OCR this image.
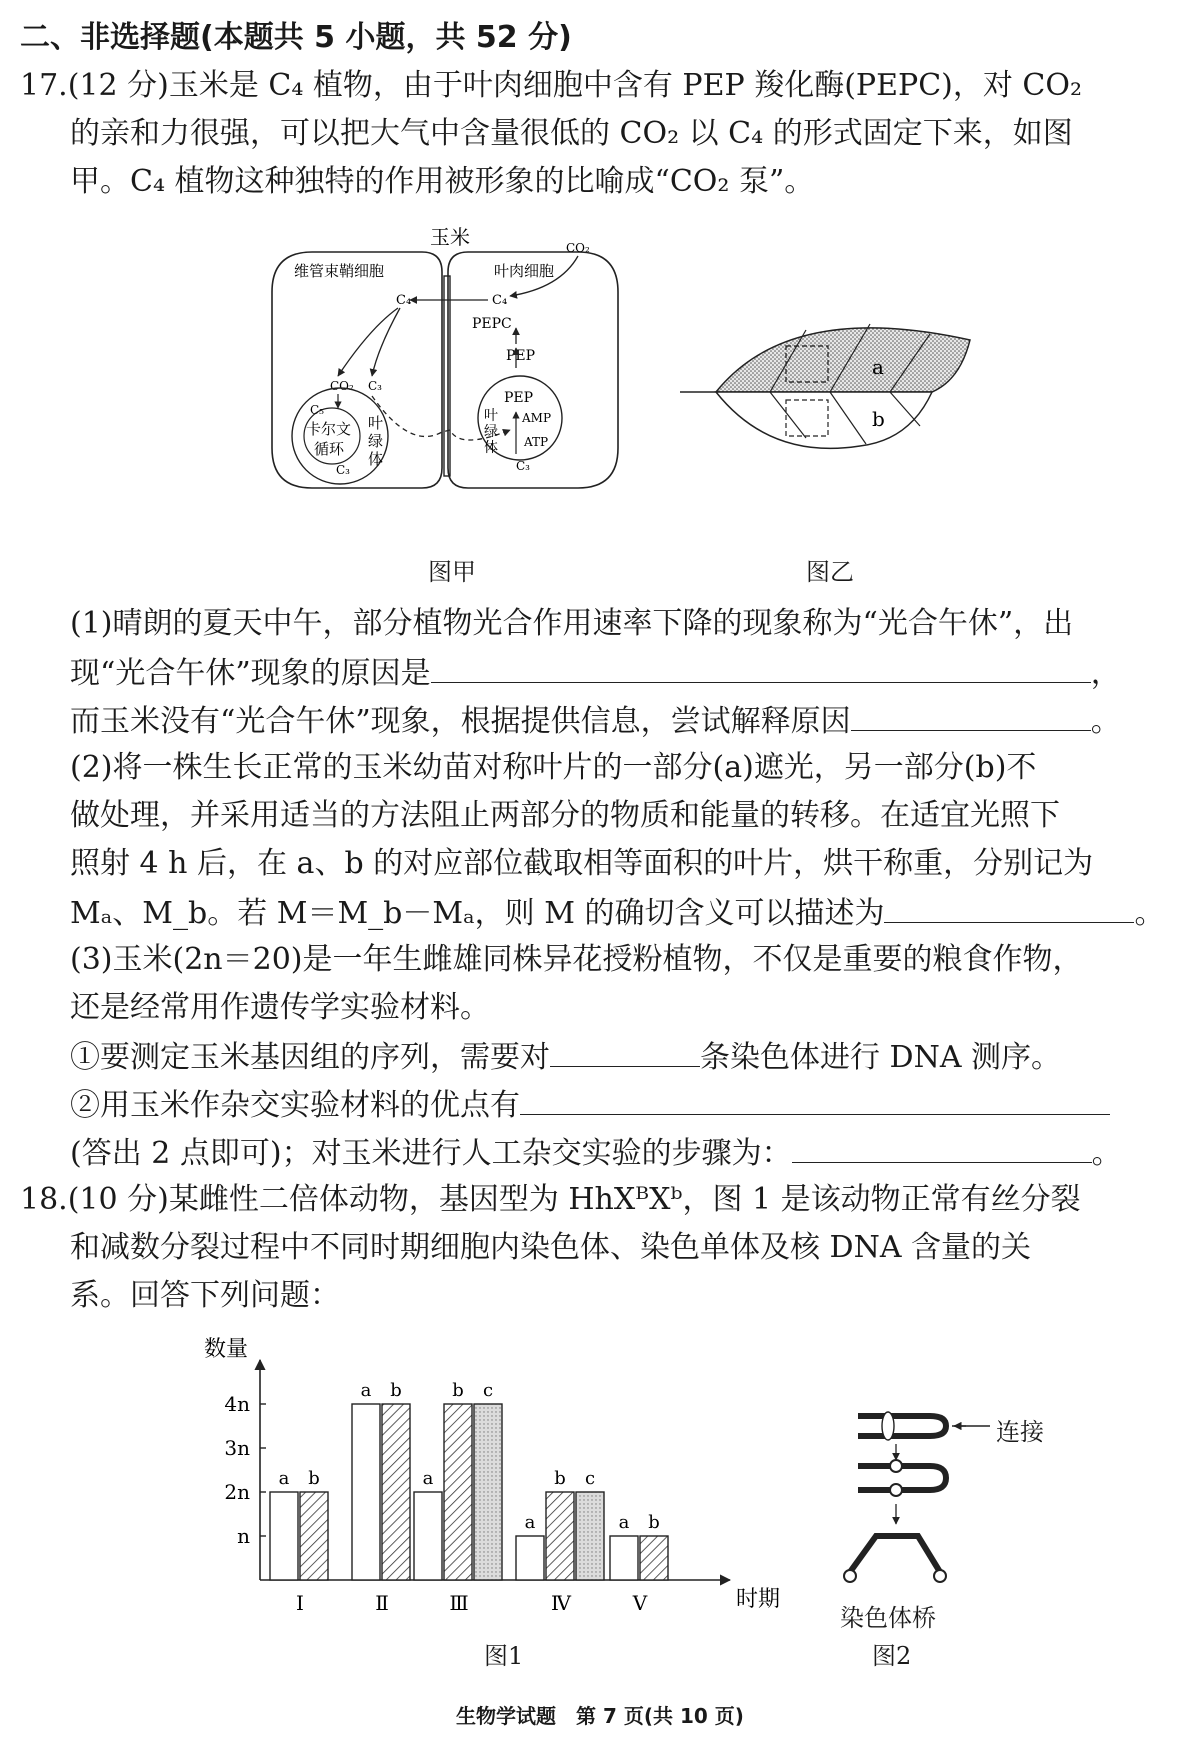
二、非选择题(本题共 5 小题，共 52 分)
17.(12 分)玉米是 C₄ 植物，由于叶肉细胞中含有 PEP 羧化酶(PEPC)，对 CO₂
的亲和力很强，可以把大气中含量很低的 CO₂ 以 C₄ 的形式固定下来，如图
甲。C₄ 植物这种独特的作用被形象的比喻成“CO₂ 泵”。
玉米
维管束鞘细胞	叶肉细胞
CO₂
C₄
C₄
PEPC
PEP
CO₂ C₃
C₅
卡尔文
循环
C₃
叶
绿
体
PEP
叶
绿
体
AMP
ATP
C₃
图甲
a
b
图乙
(1)晴朗的夏天中午，部分植物光合作用速率下降的现象称为“光合午休”，出
现“光合午休”现象的原因是	，
而玉米没有“光合午休”现象，根据提供信息，尝试解释原因	。
(2)将一株生长正常的玉米幼苗对称叶片的一部分(a)遮光，另一部分(b)不
做处理，并采用适当的方法阻止两部分的物质和能量的转移。在适宜光照下
照射 4 h 后，在 a、b 的对应部位截取相等面积的叶片，烘干称重，分别记为
Mₐ、M_b。若 M＝M_b－Mₐ，则 M 的确切含义可以描述为	。
(3)玉米(2n＝20)是一年生雌雄同株异花授粉植物，不仅是重要的粮食作物，
还是经常用作遗传学实验材料。
①要测定玉米基因组的序列，需要对	条染色体进行 DNA 测序。
②用玉米作杂交实验材料的优点有
(答出 2 点即可)；对玉米进行人工杂交实验的步骤为：	。
18.(10 分)某雌性二倍体动物，基因型为 HhXᴮXᵇ，图 1 是该动物正常有丝分裂
和减数分裂过程中不同时期细胞内染色体、染色单体及核 DNA 含量的关
系。回答下列问题：
数量
时期
n
2n
3n
4n
a b
Ⅰ
a b
Ⅱ
a
b c
Ⅲ
a
b c
Ⅳ
a b
Ⅴ
图1
连接
染色体桥
图2
生物学试题　第 7 页(共 10 页)
